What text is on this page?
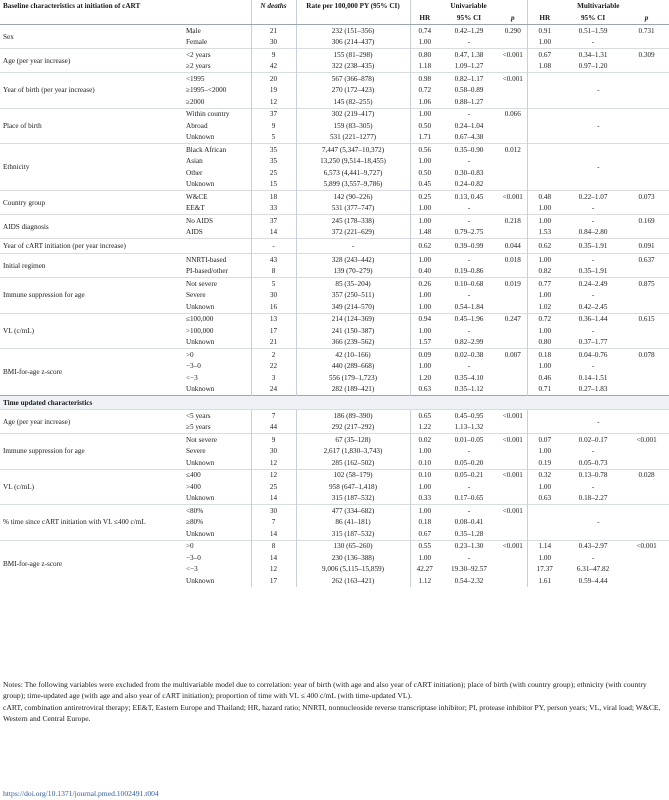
Baseline characteristics at initiation of cART		N deaths	Rate per 100,000 PY (95% CI)	Univariable			Multivariable		
				HR	95% CI	p	HR	95% CI	p
Sex	Male	21	232 (151–356)	0.74	0.42–1.29	0.290	0.91	0.51–1.59	0.731
	Female	30	306 (214–437)	1.00	-		1.00	-	
Age (per year increase)	<2 years	9	155 (81–298)	0.80	0.47, 1.38	<0.001	0.67	0.34–1.31	0.309
	≥2 years	42	322 (238–435)	1.18	1.09–1.27		1.08	0.97–1.20	
Year of birth (per year increase)	<1995	20	567 (366–878)	0.98	0.82–1.17	<0.001	-		
	≥1995–<2000	19	270 (172–423)	0.72	0.58–0.89				
	≥2000	12	145 (82–255)	1.06	0.88–1.27				
Place of birth	Within country	37	302 (219–417)	1.00	-	0.066	-		
	Abroad	9	159 (83–305)	0.50	0.24–1.04				
	Unknown	5	531 (221–1277)	1.71	0.67–4.38				
Ethnicity	Black African	35	7,447 (5,347–10,372)	0.56	0.35–0.90	0.012	-		
	Asian	35	13,250 (9,514–18,455)	1.00	-				
	Other	25	6,573 (4,441–9,727)	0.50	0.30–0.83				
	Unknown	15	5,899 (3,557–9,786)	0.45	0.24–0.82				
Country group	W&CE	18	142 (90–226)	0.25	0.13, 0.45	<0.001	0.48	0.22–1.07	0.073
	EE&T	33	531 (377–747)	1.00	-		1.00	-	
AIDS diagnosis	No AIDS	37	245 (178–338)	1.00	-	0.218	1.00	-	0.169
	AIDS	14	372 (221–629)	1.48	0.79–2.75		1.53	0.84–2.80	
Year of cART initiation (per year increase)		-	-	0.62	0.39–0.99	0.044	0.62	0.35–1.91	0.091
Initial regimen	NNRTI-based	43	328 (243–442)	1.00	-	0.018	1.00	-	0.637
	PI-based/other	8	139 (70–279)	0.40	0.19–0.86		0.82	0.35–1.91	
Immune suppression for age	Not severe	5	85 (35–204)	0.26	0.10–0.68	0.019	0.77	0.24–2.49	0.875
	Severe	30	357 (250–511)	1.00	-		1.00	-	
	Unknown	16	349 (214–570)	1.00	0.54–1.84		1.02	0.42–2.45	
VL (c/mL)	≤100,000	13	214 (124–369)	0.94	0.45–1.96	0.247	0.72	0.36–1.44	0.615
	>100,000	17	241 (150–387)	1.00	-		1.00	-	
	Unknown	21	366 (239–562)	1.57	0.82–2.99		0.80	0.37–1.77	
BMI-for-age z-score	>0	2	42 (10–166)	0.09	0.02–0.38	0.007	0.18	0.04–0.76	0.078
	−3–0	22	440 (289–668)	1.00	-		1.00	-	
	<−3	3	556 (179–1,723)	1.20	0.35–4.10		0.46	0.14–1.51	
	Unknown	24	282 (189–421)	0.63	0.35–1.12		0.71	0.27–1.83	
Time updated characteristics									
Age (per year increase)	<5 years	7	186 (89–390)	0.65	0.45–0.95	<0.001	-		
	≥5 years	44	292 (217–292)	1.22	1.13–1.32				
Immune suppression for age	Not severe	9	67 (35–128)	0.02	0.01–0.05	<0.001	0.07	0.02–0.17	<0.001
	Severe	30	2,617 (1,830–3,743)	1.00	-		1.00	-	
	Unknown	12	285 (162–502)	0.10	0.05–0.20		0.19	0.05–0.73	
VL (c/mL)	≤400	12	102 (58–179)	0.10	0.05–0.21	<0.001	0.32	0.13–0.78	0.028
	>400	25	958 (647–1,418)	1.00	-		1.00	-	
	Unknown	14	315 (187–532)	0.33	0.17–0.65		0.63	0.18–2.27	
% time since cART initiation with VL ≤400 c/mL	<80%	30	477 (334–682)	1.00	-	<0.001	-		
	≥80%	7	86 (41–181)	0.18	0.08–0.41				
	Unknown	14	315 (187–532)	0.67	0.35–1.28				
BMI-for-age z-score	>0	8	130 (65–260)	0.55	0.23–1.30	<0.001	1.14	0.43–2.97	<0.001
	−3–0	14	230 (136–388)	1.00	-		1.00	-	
	<−3	12	9,006 (5,115–15,859)	42.27	19.30–92.57		17.37	6.31–47.82	
	Unknown	17	262 (163–421)	1.12	0.54–2.32		1.61	0.59–4.44	

Notes: The following variables were excluded from the multivariable model due to correlation: year of birth (with age and also year of cART initiation); place of birth (with country group); ethnicity (with country group); time-updated age (with age and also year of cART initiation); proportion of time with VL ≤ 400 c/mL (with time-updated VL).

cART, combination antiretroviral therapy; EE&T, Eastern Europe and Thailand; HR, hazard ratio; NNRTI, nonnucleoside reverse transcriptase inhibitor; PI, protease inhibitor PY, person years; VL, viral load; W&CE, Western and Central Europe.

https://doi.org/10.1371/journal.pmed.1002491.t004
